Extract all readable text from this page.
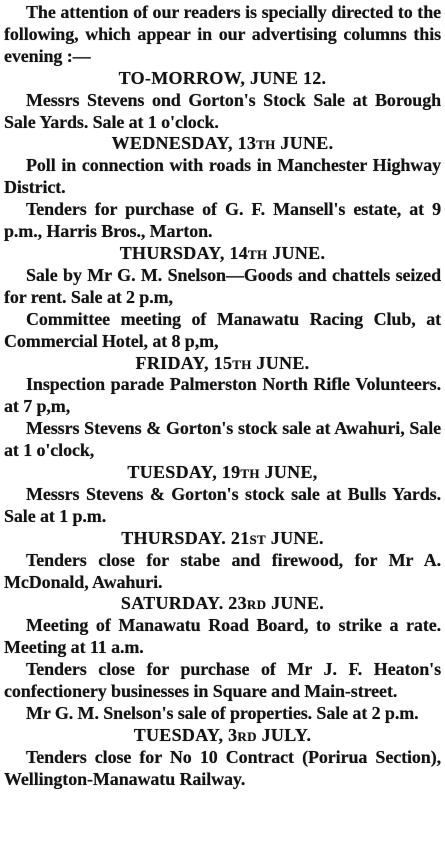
The attention of our readers is specially directed to the following, which appear in our advertising columns this evening :—

TO-MORROW, JUNE 12.

Messrs Stevens ond Gorton's Stock Sale at Borough Sale Yards. Sale at 1 o'clock.

WEDNESDAY, 13th JUNE.

Poll in connection with roads in Manchester Highway District.

Tenders for purchase of G. F. Mansell's estate, at 9 p.m., Harris Bros., Marton.

THURSDAY, 14th JUNE.

Sale by Mr G. M. Snelson—Goods and chattels seized for rent. Sale at 2 p.m,

Committee meeting of Manawatu Racing Club, at Commercial Hotel, at 8 p,m,

FRIDAY, 15th JUNE.

Inspection parade Palmerston North Rifle Volunteers. at 7 p,m,

Messrs Stevens & Gorton's stock sale at Awahuri, Sale at 1 o'clock,

TUESDAY, 19th JUNE,

Messrs Stevens & Gorton's stock sale at Bulls Yards. Sale at 1 p.m.

THURSDAY. 21st JUNE.

Tenders close for stabe and firewood, for Mr A. McDonald, Awahuri.

SATURDAY. 23rd JUNE.

Meeting of Manawatu Road Board, to strike a rate. Meeting at 11 a.m.

Tenders close for purchase of Mr J. F. Heaton's confectionery businesses in Square and Main-street.

Mr G. M. Snelson's sale of properties. Sale at 2 p.m.

TUESDAY, 3rd JULY.

Tenders close for No 10 Contract (Porirua Section), Wellington-Manawatu Railway.
